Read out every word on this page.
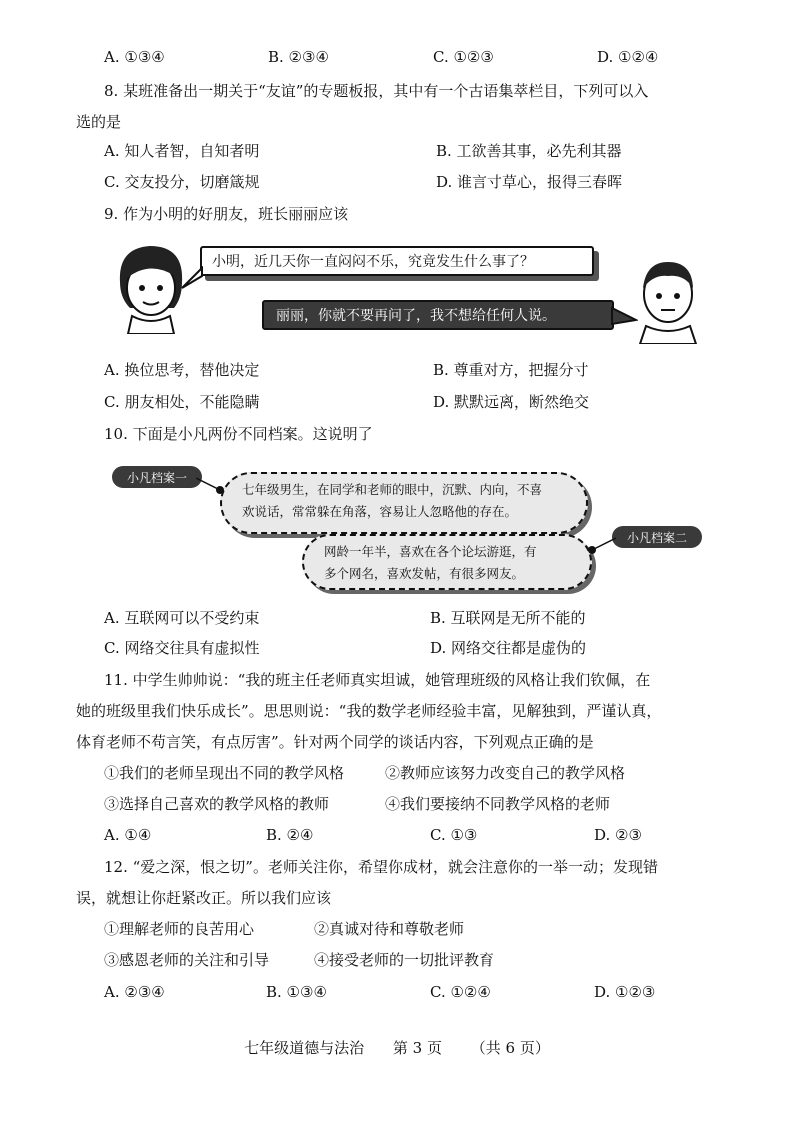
A. ①③④	B. ②③④	C. ①②③	D. ①②④
8. 某班准备出一期关于“友谊”的专题板报，其中有一个古语集萃栏目，下列可以入
选的是
A. 知人者智，自知者明	B. 工欲善其事，必先利其器
C. 交友投分，切磨箴规	D. 谁言寸草心，报得三春晖
9. 作为小明的好朋友，班长丽丽应该
小明，近几天你一直闷闷不乐，究竟发生什么事了？
丽丽，你就不要再问了，我不想给任何人说。
A. 换位思考，替他决定	B. 尊重对方，把握分寸
C. 朋友相处，不能隐瞒	D. 默默远离，断然绝交
10. 下面是小凡两份不同档案。这说明了
小凡档案一
七年级男生，在同学和老师的眼中，沉默、内向，不喜
欢说话，常常躲在角落，容易让人忽略他的存在。
小凡档案二
网龄一年半，喜欢在各个论坛游逛，有
多个网名，喜欢发帖，有很多网友。
A. 互联网可以不受约束	B. 互联网是无所不能的
C. 网络交往具有虚拟性	D. 网络交往都是虚伪的
11. 中学生帅帅说：“我的班主任老师真实坦诚，她管理班级的风格让我们钦佩，在
她的班级里我们快乐成长”。思思则说：“我的数学老师经验丰富，见解独到，严谨认真，
体育老师不苟言笑，有点厉害”。针对两个同学的谈话内容，下列观点正确的是
①我们的老师呈现出不同的教学风格	②教师应该努力改变自己的教学风格
③选择自己喜欢的教学风格的教师	④我们要接纳不同教学风格的老师
A. ①④	B. ②④	C. ①③	D. ②③
12. “爱之深，恨之切”。老师关注你，希望你成材，就会注意你的一举一动；发现错
误，就想让你赶紧改正。所以我们应该
①理解老师的良苦用心	②真诚对待和尊敬老师
③感恩老师的关注和引导	④接受老师的一切批评教育
A. ②③④	B. ①③④	C. ①②④	D. ①②③
七年级道德与法治 第 3 页 （共 6 页）
